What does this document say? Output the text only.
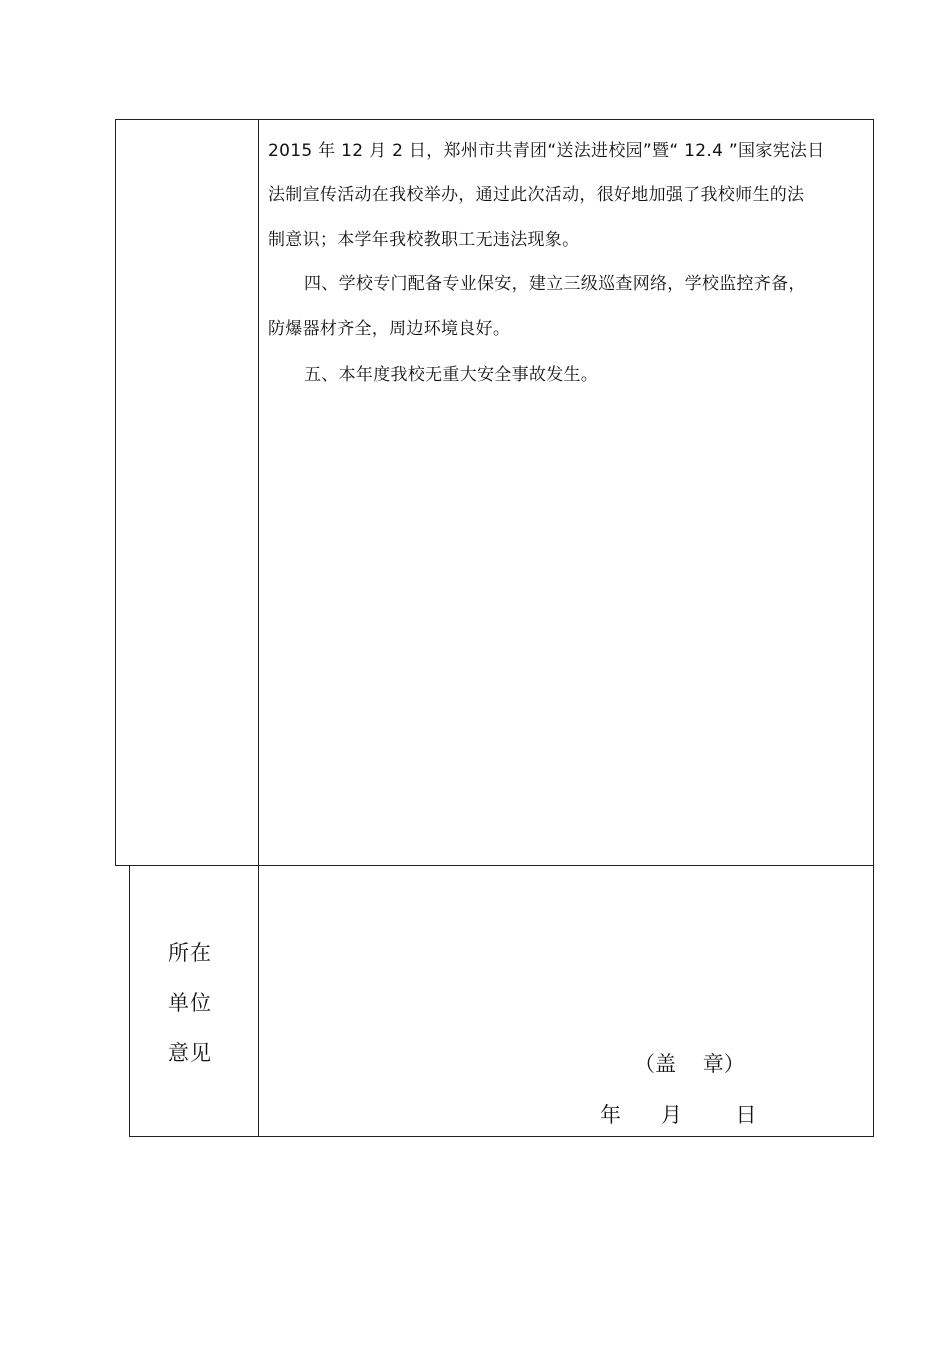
2015 年 12 月 2 日，郑州市共青团“送法进校园”暨“ 12.4 ”国家宪法日
法制宣传活动在我校举办，通过此次活动，很好地加强了我校师生的法
制意识；本学年我校教职工无违法现象。
四、学校专门配备专业保安，建立三级巡查网络，学校监控齐备，
防爆器材齐全，周边环境良好。
五、本年度我校无重大安全事故发生。
所在
单位
意见	（盖    章）
年      月        日
